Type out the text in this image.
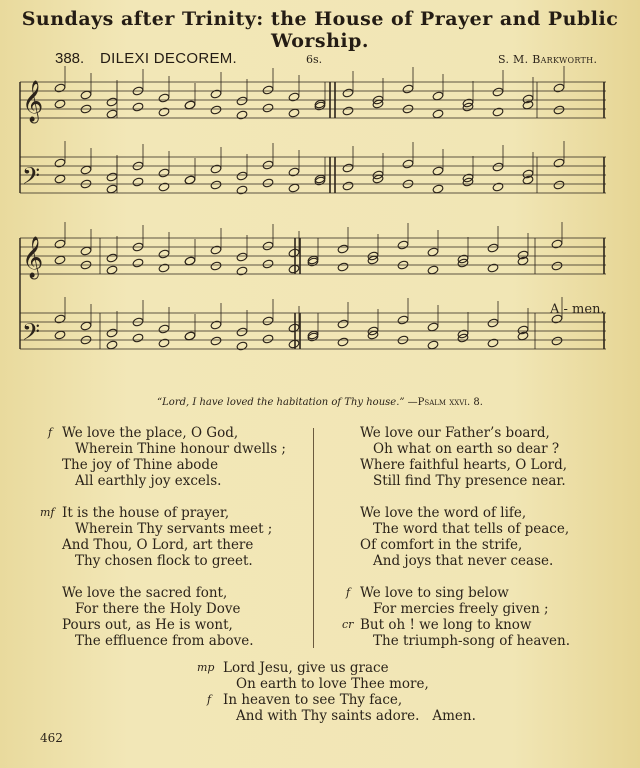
Sundays after Trinity: the House of Prayer and Public Worship.
388. DILEXI DECOREM.	6s.	S. M. Barkworth.
𝄞
𝄢
𝄞
𝄢
A - men.
“Lord, I have loved the habitation of Thy house.” —Psalm xxvi. 8.
f We love the place, O God,
Wherein Thine honour dwells ;
The joy of Thine abode
All earthly joy excels.
mf It is the house of prayer,
Wherein Thy servants meet ;
And Thou, O Lord, art there
Thy chosen flock to greet.
We love the sacred font,
For there the Holy Dove
Pours out, as He is wont,
The effluence from above.
We love our Father’s board,
Oh what on earth so dear ?
Where faithful hearts, O Lord,
Still find Thy presence near.
We love the word of life,
The word that tells of peace,
Of comfort in the strife,
And joys that never cease.
f We love to sing below
For mercies freely given ;
cr But oh ! we long to know
The triumph-song of heaven.
mp Lord Jesu, give us grace
On earth to love Thee more,
f In heaven to see Thy face,
And with Thy saints adore. Amen.
462
